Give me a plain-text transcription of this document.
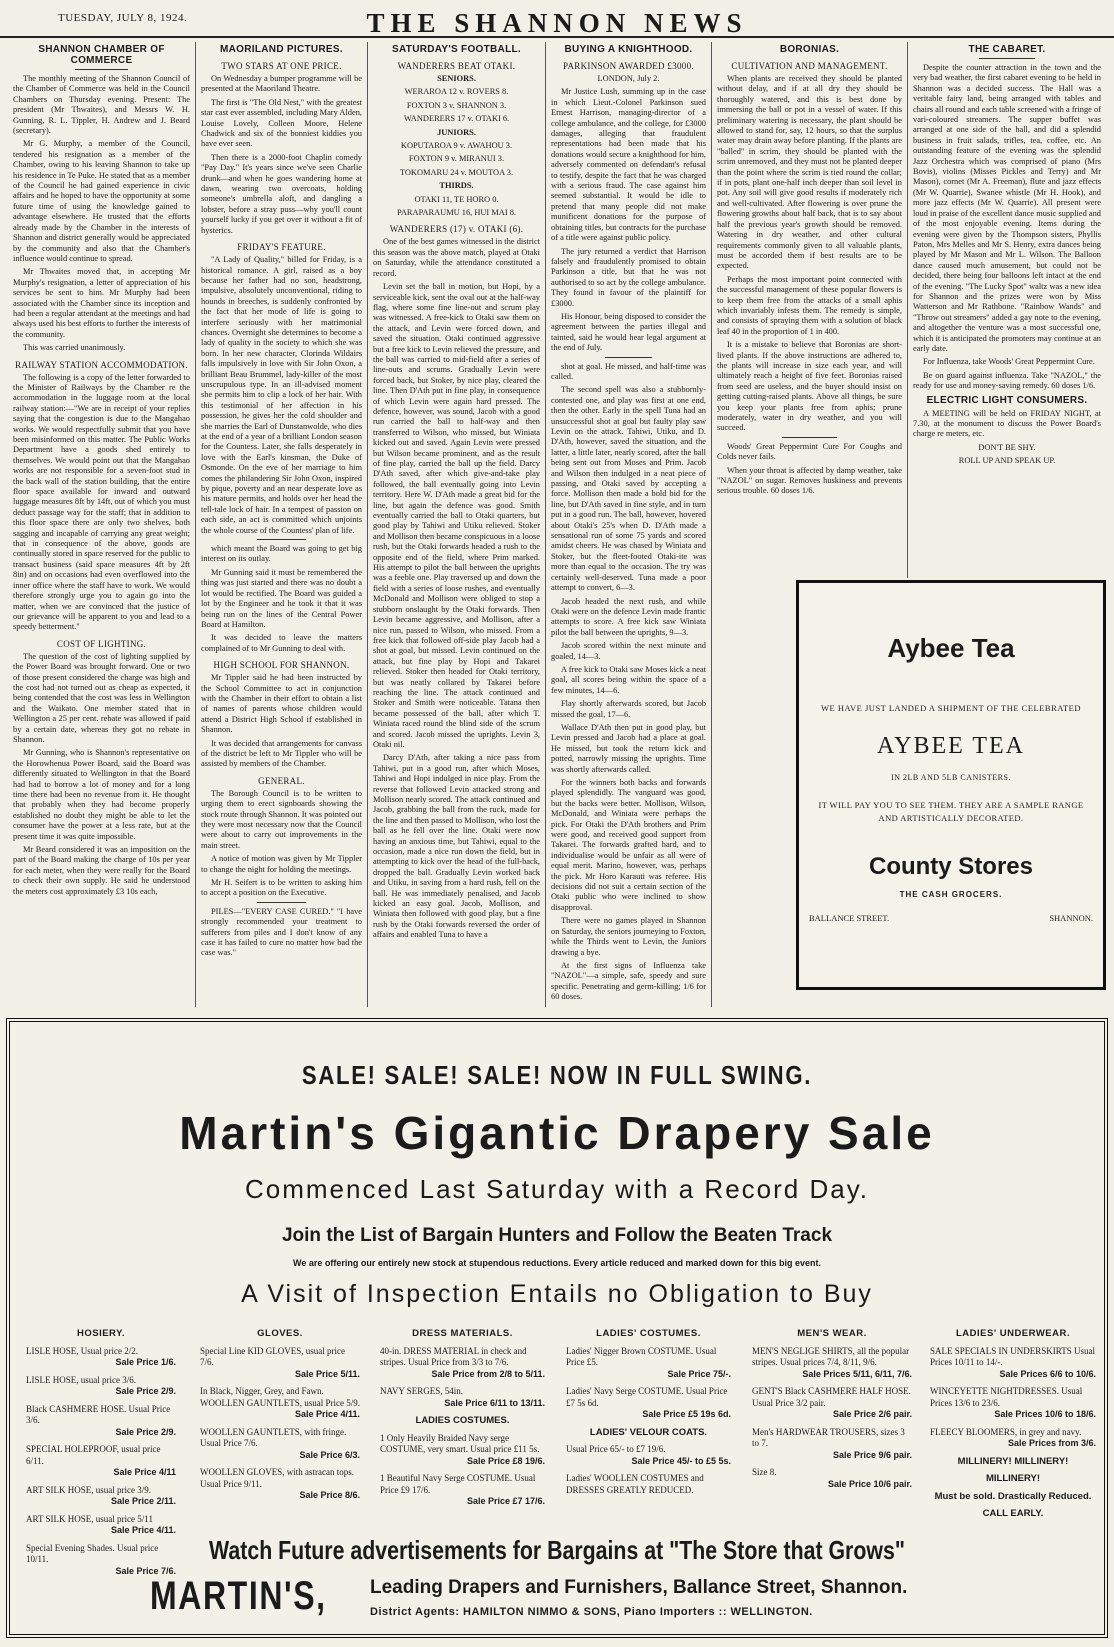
TUESDAY, JULY 8, 1924.	THE SHANNON NEWS
SHANNON CHAMBER OF COMMERCE

The monthly meeting of the Shannon Council of the Chamber of Commerce was held in the Council Chambers on Thursday evening. Present: The president (Mr Thwaites), and Messrs W. H. Gunning, R. L. Tippler, H. Andrew and J. Beard (secretary).

Mr G. Murphy, a member of the Council, tendered his resignation as a member of the Chamber, owing to his leaving Shannon to take up his residence in Te Puke. He stated that as a member of the Council he had gained experience in civic affairs and he hoped to have the opportunity at some future time of using the knowledge gained to advantage elsewhere. He trusted that the efforts already made by the Chamber in the interests of Shannon and district generally would be appreciated by the community and also that the Chamber's influence would continue to spread.

Mr Thwaites moved that, in accepting Mr Murphy's resignation, a letter of appreciation of his services be sent to him. Mr Murphy had been associated with the Chamber since its inception and had been a regular attendant at the meetings and had always used his best efforts to further the interests of the community.

This was carried unanimously.

RAILWAY STATION ACCOMMODATION.

The following is a copy of the letter forwarded to the Minister of Railways by the Chamber re the accommodation in the luggage room at the local railway station:—"We are in receipt of your replies saying that the congestion is due to the Mangahao works. We would respectfully submit that you have been misinformed on this matter. The Public Works Department have a goods shed entirely to themselves. We would point out that the Mangahao works are not responsible for a seven-foot stud in the back wall of the station building, that the entire floor space available for inward and outward luggage measures 8ft by 14ft, out of which you must deduct passage way for the staff; that in addition to this floor space there are only two shelves, both sagging and incapable of carrying any great weight; that in consequence of the above, goods are continually stored in space reserved for the public to transact business (said space measures 4ft by 2ft 8in) and on occasions had even overflowed into the inner office where the staff have to work. We would therefore strongly urge you to again go into the matter, when we are convinced that the justice of our grievance will be apparent to you and lead to a speedy betterment."

COST OF LIGHTING.

The question of the cost of lighting supplied by the Power Board was brought forward. One or two of those present considered the charge was high and the cost had not turned out as cheap as expected, it being contended that the cost was less in Wellington and the Waikato. One member stated that in Wellington a 25 per cent. rebate was allowed if paid by a certain date, whereas they got no rebate in Shannon.

Mr Gunning, who is Shannon's representative on the Horowhenua Power Board, said the Board was differently situated to Wellington in that the Board had had to borrow a lot of money and for a long time there had been no revenue from it. He thought that probably when they had become properly established no doubt they might be able to let the consumer have the power at a less rate, but at the present time it was quite impossible.

Mr Beard considered it was an imposition on the part of the Board making the charge of 10s per year for each meter, when they were really for the Board to check their own supply. He said he understood the meters cost approximately £3 10s each,

MAORILAND PICTURES.
TWO STARS AT ONE PRICE.

On Wednesday a bumper programme will be presented at the Maoriland Theatre.

The first is "The Old Nest," with the greatest star cast ever assembled, including Mary Alden, Louise Lovely, Colleen Moore, Helene Chadwick and six of the bonniest kiddies you have ever seen.

Then there is a 2000-foot Chaplin comedy "Pay Day." It's years since we've seen Charlie drunk—and when he goes wandering home at dawn, wearing two overcoats, holding someone's umbrella aloft, and dangling a lobster, before a stray puss—why you'll count yourself lucky if you get over it without a fit of hysterics.

FRIDAY'S FEATURE.

"A Lady of Quality," billed for Friday, is a historical romance. A girl, raised as a boy because her father had no son, headstrong, impulsive, absolutely unconventional, riding to hounds in breeches, is suddenly confronted by the fact that her mode of life is going to interfere seriously with her matrimonial chances. Overnight she determines to become a lady of quality in the society to which she was born. In her new character, Clorinda Wildairs falls impulsively in love with Sir John Oxon, a brilliant Beau Brummel, lady-killer of the most unscrupulous type. In an ill-advised moment she permits him to clip a lock of her hair. With this testimonial of her affection in his possession, he gives her the cold shoulder and she marries the Earl of Dunstanwolde, who dies at the end of a year of a brilliant London season for the Countess. Later, she falls desperately in love with the Earl's kinsman, the Duke of Osmonde. On the eve of her marriage to him comes the philandering Sir John Oxon, inspired by pique, poverty and an near desperate love as his mature permits, and holds over her head the tell-tale lock of hair. In a tempest of passion on each side, an act is committed which unjoints the whole course of the Countess' plan of life.

which meant the Board was going to get big interest on its outlay.

Mr Gunning said it must be remembered the thing was just started and there was no doubt a lot would be rectified. The Board was guided a lot by the Engineer and he took it that it was being run on the lines of the Central Power Board at Hamilton.

It was decided to leave the matters complained of to Mr Gunning to deal with.

HIGH SCHOOL FOR SHANNON.

Mr Tippler said he had been instructed by the School Committee to act in conjunction with the Chamber in their effort to obtain a list of names of parents whose children would attend a District High School if established in Shannon.

It was decided that arrangements for canvass of the district be left to Mr Tippler who will be assisted by members of the Chamber.

GENERAL.

The Borough Council is to be written to urging them to erect signboards showing the stock route through Shannon. It was pointed out they were most necessary now that the Council were about to carry out improvements in the main street.

A notice of motion was given by Mr Tippler to change the night for holding the meetings.

Mr H. Seifert is to be written to asking him to accept a position on the Executive.

PILES—"EVERY CASE CURED." "I have strongly recommended your treatment to sufferers from piles and I don't know of any case it has failed to cure no matter how bad the case was."

SATURDAY'S FOOTBALL.
WANDERERS BEAT OTAKI.

SENIORS.

WERAROA 12 v. ROVERS 8.

FOXTON 3 v. SHANNON 3.

WANDERERS 17 v. OTAKI 6.

JUNIORS.

KOPUTAROA 9 v. AWAHOU 3.

FOXTON 9 v. MIRANUI 3.

TOKOMARU 24 v. MOUTOA 3.

THIRDS.

OTAKI 11, TE HORO 0.

PARAPARAUMU 16, HUI MAI 8.

WANDERERS (17) v. OTAKI (6).

One of the best games witnessed in the district this season was the above match, played at Otaki on Saturday, while the attendance constituted a record.

Levin set the ball in motion, but Hopi, by a serviceable kick, sent the oval out at the half-way flag, where some fine line-out and scrum play was witnessed. A free-kick to Otaki saw them on the attack, and Levin were forced down, and saved the situation. Otaki continued aggressive but a free kick to Levin relieved the pressure, and the ball was carried to mid-field after a series of line-outs and scrums. Gradually Levin were forced back, but Stoker, by nice play, cleared the line. Then D'Ath put in fine play, in consequence of which Levin were again hard pressed. The defence, however, was sound, Jacob with a good run carried the ball to half-way and then transferred to Wilson, who missed, but Winiata kicked out and saved. Again Levin were pressed but Wilson became prominent, and as the result of fine play, carried the ball up the field. Darcy D'Ath saved, after which give-and-take play followed, the ball eventually going into Levin territory. Here W. D'Ath made a great bid for the line, but again the defence was good. Smith eventually carried the ball to Otaki quarters, but good play by Tahiwi and Utiku relieved. Stoker and Mollison then became conspicuous in a loose rush, but the Otaki forwards headed a rush to the opposite end of the field, where Prim marked. His attempt to pilot the ball between the uprights was a feeble one. Play traversed up and down the field with a series of loose rushes, and eventually McDonald and Mollison were obliged to stop a stubborn onslaught by the Otaki forwards. Then Levin became aggressive, and Mollison, after a nice run, passed to Wilson, who missed. From a free kick that followed off-side play Jacob had a shot at goal, but missed. Levin continued on the attack, but fine play by Hopi and Takarei relieved. Stoker then headed for Otaki territory, but was neatly collared by Takarei before reaching the line. The attack continued and Stoker and Smith were noticeable. Tatana then became possessed of the ball, after which T. Winiata raced round the blind side of the scrum and scored. Jacob missed the uprights. Levin 3, Otaki nil.

Darcy D'Ath, after taking a nice pass from Tahiwi, put in a good run, after which Moses, Tahiwi and Hopi indulged in nice play. From the reverse that followed Levin attacked strong and Mollison nearly scored. The attack continued and Jacob, grabbing the ball from the ruck, made for the line and then passed to Mollison, who lost the ball as he fell over the line. Otaki were now having an anxious time, but Tahiwi, equal to the occasion, made a nice run down the field, but in attempting to kick over the head of the full-back, dropped the ball. Gradually Levin worked back and Utiku, in saving from a hard rush, fell on the ball. He was immediately penalised, and Jacob kicked an easy goal. Jacob, Mollison, and Winiata then followed with good play, but a fine rush by the Otaki forwards reversed the order of affairs and enabled Tuna to have a

BUYING A KNIGHTHOOD.
PARKINSON AWARDED £3000.

LONDON, July 2.

Mr Justice Lush, summing up in the case in which Lieut.-Colonel Parkinson sued Ernest Harrison, managing-director of a college ambulance, and the college, for £3000 damages, alleging that fraudulent representations had been made that his donations would secure a knighthood for him, adversely commented on defendant's refusal to testify, despite the fact that he was charged with a serious fraud. The case against him seemed substantial. It would be idle to pretend that many people did not make munificent donations for the purpose of obtaining titles, but contracts for the purchase of a title were against public policy.

The jury returned a verdict that Harrison falsely and fraudulently promised to obtain Parkinson a title, but that he was not authorised to so act by the college ambulance. They found in favour of the plaintiff for £3000.

His Honour, being disposed to consider the agreement between the parties illegal and tainted, said he would hear legal argument at the end of July.

shot at goal. He missed, and half-time was called.

The second spell was also a stubbornly-contested one, and play was first at one end, then the other. Early in the spell Tuna had an unsuccessful shot at goal but faulty play saw Levin on the attack. Tahiwi, Utiku, and D. D'Ath, however, saved the situation, and the latter, a little later, nearly scored, after the ball being sent out from Moses and Prim. Jacob and Wilson then indulged in a neat piece of passing, and Otaki saved by accepting a force. Mollison then made a bold bid for the line, but D'Ath saved in fine style, and in turn put in a good run. The ball, however, hovered about Otaki's 25's when D. D'Ath made a sensational run of some 75 yards and scored amidst cheers. He was chased by Winiata and Stoker, but the fleet-footed Otaki-ite was more than equal to the occasion. The try was certainly well-deserved. Tuna made a poor attempt to convert, 6—3.

Jacob headed the next rush, and while Otaki were on the defence Levin made frantic attempts to score. A free kick saw Winiata pilot the ball between the uprights, 9—3.

Jacob scored within the next minute and goaled, 14—3.

A free kick to Otaki saw Moses kick a neat goal, all scores being within the space of a few minutes, 14—6.

Flay shortly afterwards scored, but Jacob missed the goal, 17—6.

Wallace D'Ath then put in good play, but Levin pressed and Jacob had a place at goal. He missed, but took the return kick and potted, narrowly missing the uprights. Time was shortly afterwards called.

For the winners both backs and forwards played splendidly. The vanguard was good, but the backs were better. Mollison, Wilson, McDonald, and Winiata were perhaps the pick. For Otaki the D'Ath brothers and Prim were good, and received good support from Takarei. The forwards grafted hard, and to individualise would be unfair as all were of equal merit. Marino, however, was, perhaps the pick. Mr Horo Karauti was referee. His decisions did not suit a certain section of the Otaki public who were inclined to show disapproval.

There were no games played in Shannon on Saturday, the seniors journeying to Foxton, while the Thirds went to Levin, the Juniors drawing a bye.

At the first signs of Influenza take "NAZOL"—a simple, safe, speedy and sure specific. Penetrating and germ-killing; 1/6 for 60 doses.

BORONIAS.
CULTIVATION AND MANAGEMENT.

When plants are received they should be planted without delay, and if at all dry they should be thoroughly watered, and this is best done by immersing the ball or pot in a vessel of water. If this preliminary watering is necessary, the plant should be allowed to stand for, say, 12 hours, so that the surplus water may drain away before planting. If the plants are "balled" in scrim, they should be planted with the scrim unremoved, and they must not be planted deeper than the point where the scrim is tied round the collar; if in pots, plant one-half inch deeper than soil level in pot. Any soil will give good results if moderately rich and well-cultivated. After flowering is over prune the flowering growths about half back, that is to say about half the previous year's growth should be removed. Watering in dry weather, and other cultural requirements commonly given to all valuable plants, must be accorded them if best results are to be expected.

Perhaps the most important point connected with the successful management of these popular flowers is to keep them free from the attacks of a small aphis which invariably infests them. The remedy is simple, and consists of spraying them with a solution of black leaf 40 in the proportion of 1 in 400.

It is a mistake to believe that Boronias are short-lived plants. If the above instructions are adhered to, the plants will increase in size each year, and will ultimately reach a height of five feet. Boronias raised from seed are useless, and the buyer should insist on getting cutting-raised plants. Above all things, be sure you keep your plants free from aphis; prune moderately, water in dry weather, and you will succeed.

Woods' Great Peppermint Cure For Coughs and Colds never fails.

When your throat is affected by damp weather, take "NAZOL" on sugar. Removes huskiness and prevents serious trouble. 60 doses 1/6.

THE CABARET.

Despite the counter attraction in the town and the very bad weather, the first cabaret evening to be held in Shannon was a decided success. The Hall was a veritable fairy land, being arranged with tables and chairs all round and each table screened with a fringe of vari-coloured streamers. The supper buffet was arranged at one side of the hall, and did a splendid business in fruit salads, trifles, tea, coffee, etc. An outstanding feature of the evening was the splendid Jazz Orchestra which was comprised of piano (Mrs Bovis), violins (Misses Pickles and Terry) and Mr Mason), cornet (Mr A. Freeman), flute and jazz effects (Mr W. Quarrie), Swanee whistle (Mr H. Hook), and more jazz effects (Mr W. Quarrie). All present were loud in praise of the excellent dance music supplied and of the most enjoyable evening. Items during the evening were given by the Thompson sisters, Phyllis Paton, Mrs Melles and Mr S. Henry, extra dances being played by Mr Mason and Mr L. Wilson. The Balloon dance caused much amusement, but could not be decided, there being four balloons left intact at the end of the evening. "The Lucky Spot" waltz was a new idea for Shannon and the prizes were won by Miss Watterson and Mr Rathbone. "Rainbow Wands" and "Throw out streamers" added a gay note to the evening, and altogether the venture was a most successful one, which it is anticipated the promoters may continue at an early date.

For Influenza, take Woods' Great Peppermint Cure.

Be on guard against influenza. Take "NAZOL," the ready for use and money-saving remedy. 60 doses 1/6.

ELECTRIC LIGHT CONSUMERS.

A MEETING will be held on FRIDAY NIGHT, at 7.30, at the monument to discuss the Power Board's charge re meters, etc.

DON'T BE SHY.

ROLL UP AND SPEAK UP.

Aybee Tea
WE HAVE JUST LANDED A SHIPMENT OF THE CELEBRATED
AYBEE TEA
IN 2LB AND 5LB CANISTERS.
IT WILL PAY YOU TO SEE THEM. THEY ARE A SAMPLE RANGE AND ARTISTICALLY DECORATED.
County Stores
THE CASH GROCERS.
BALLANCE STREET.	SHANNON.
SALE! SALE! SALE! NOW IN FULL SWING.
Martin's Gigantic Drapery Sale
Commenced Last Saturday with a Record Day.
Join the List of Bargain Hunters and Follow the Beaten Track
We are offering our entirely new stock at stupendous reductions. Every article reduced and marked down for this big event.
A Visit of Inspection Entails no Obligation to Buy
HOSIERY.
LISLE HOSE, Usual price 2/2.
Sale Price 1/6.
LISLE HOSE, usual price 3/6.
Sale Price 2/9.
Black CASHMERE HOSE. Usual Price 3/6.
Sale Price 2/9.
SPECIAL HOLEPROOF, usual price 6/11.
Sale Price 4/11
ART SILK HOSE, usual price 3/9.
Sale Price 2/11.
ART SILK HOSE, usual price 5/11
Sale Price 4/11.
Special Evening Shades. Usual price 10/11.
Sale Price 7/6.
GLOVES.
Special Line KID GLOVES, usual price 7/6.
Sale Price 5/11.
In Black, Nigger, Grey, and Fawn. WOOLLEN GAUNTLETS, usual Price 5/9.
Sale Price 4/11.
WOOLLEN GAUNTLETS, with fringe. Usual Price 7/6.
Sale Price 6/3.
WOOLLEN GLOVES, with astracan tops. Usual Price 9/11.
Sale Price 8/6.
DRESS MATERIALS.
40-in. DRESS MATERIAL in check and stripes. Usual Price from 3/3 to 7/6.
Sale Price from 2/8 to 5/11.
NAVY SERGES, 54in.
Sale Price 6/11 to 13/11.
LADIES COSTUMES.
1 Only Heavily Braided Navy serge COSTUME, very smart. Usual price £11 5s.
Sale Price £8 19/6.
1 Beautiful Navy Serge COSTUME. Usual Price £9 17/6.
Sale Price £7 17/6.
LADIES' COSTUMES.
Ladies' Nigger Brown COSTUME. Usual Price £5.
Sale Price 75/-.
Ladies' Navy Serge COSTUME. Usual Price £7 5s 6d.
Sale Price £5 19s 6d.
LADIES' VELOUR COATS.
Usual Price 65/- to £7 19/6.
Sale Price 45/- to £5 5s.
Ladies' WOOLLEN COSTUMES and DRESSES GREATLY REDUCED.
MEN'S WEAR.
MEN'S NEGLIGE SHIRTS, all the popular stripes. Usual prices 7/4, 8/11, 9/6.
Sale Prices 5/11, 6/11, 7/6.
GENT'S Black CASHMERE HALF HOSE. Usual Price 3/2 pair.
Sale Price 2/6 pair.
Men's HARDWEAR TROUSERS, sizes 3 to 7.
Sale Price 9/6 pair.
Size 8.
Sale Price 10/6 pair.
LADIES' UNDERWEAR.
SALE SPECIALS IN UNDERSKIRTS Usual Prices 10/11 to 14/-.
Sale Prices 6/6 to 10/6.
WINCEYETTE NIGHTDRESSES. Usual Prices 13/6 to 23/6.
Sale Prices 10/6 to 18/6.
FLEECY BLOOMERS, in grey and navy.
Sale Prices from 3/6.
MILLINERY! MILLINERY!
MILLINERY!
Must be sold. Drastically Reduced.
CALL EARLY.
Watch Future advertisements for Bargains at "The Store that Grows"
MARTIN'S, Leading Drapers and Furnishers, Ballance Street, Shannon.
District Agents: HAMILTON NIMMO & SONS, Piano Importers :: WELLINGTON.
